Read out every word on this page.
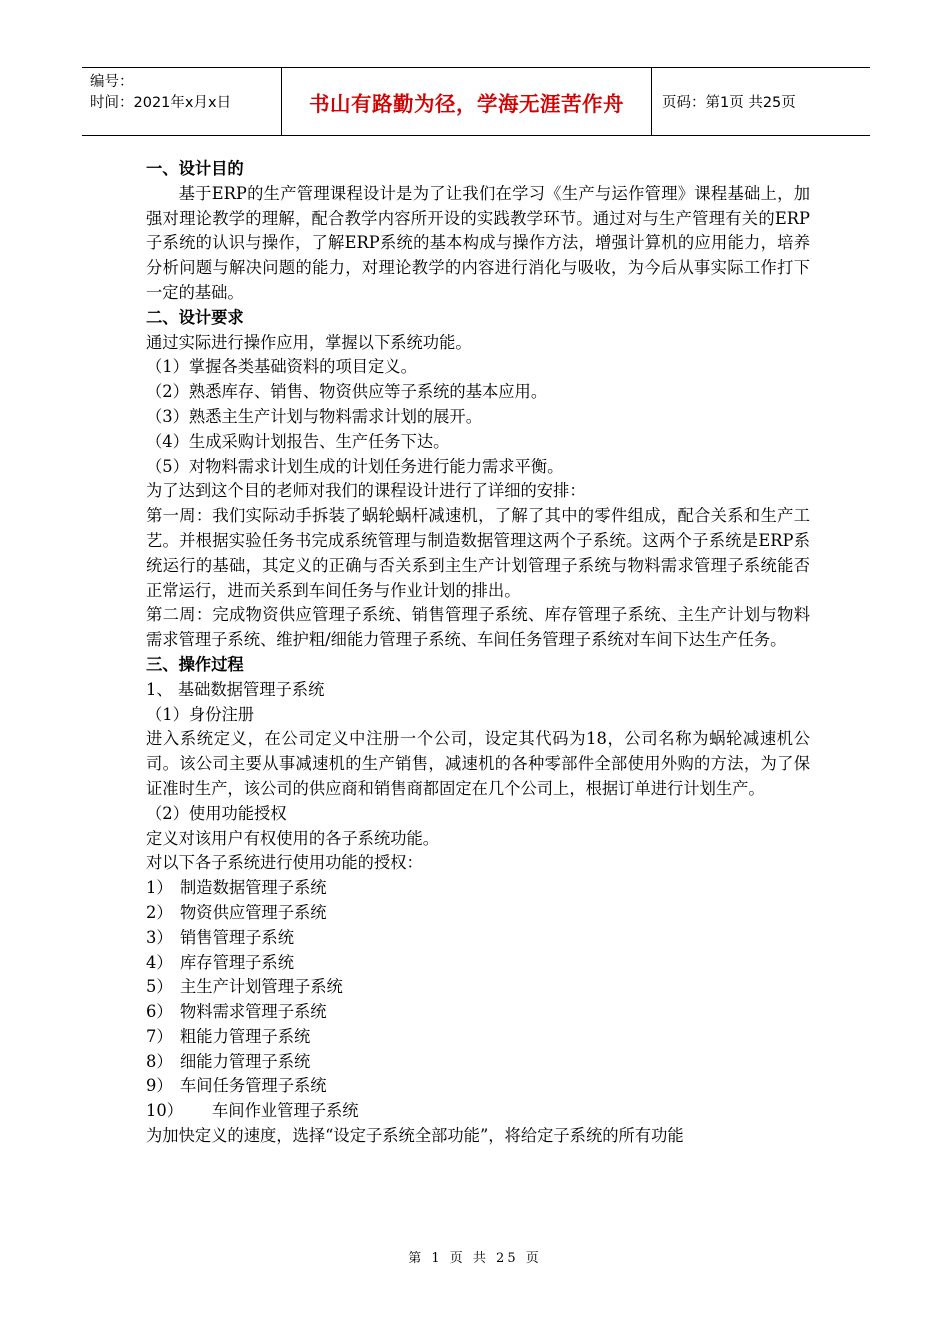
编号：
时间：2021年x月x日	书山有路勤为径，学海无涯苦作舟	页码：第1页 共25页

一、设计目的

基于ERP的生产管理课程设计是为了让我们在学习《生产与运作管理》课程基础上，加强对理论教学的理解，配合教学内容所开设的实践教学环节。通过对与生产管理有关的ERP子系统的认识与操作，了解ERP系统的基本构成与操作方法，增强计算机的应用能力，培养分析问题与解决问题的能力，对理论教学的内容进行消化与吸收，为今后从事实际工作打下一定的基础。

二、设计要求

通过实际进行操作应用，掌握以下系统功能。

（1）掌握各类基础资料的项目定义。

（2）熟悉库存、销售、物资供应等子系统的基本应用。

（3）熟悉主生产计划与物料需求计划的展开。

（4）生成采购计划报告、生产任务下达。

（5）对物料需求计划生成的计划任务进行能力需求平衡。

为了达到这个目的老师对我们的课程设计进行了详细的安排：

第一周：我们实际动手拆装了蜗轮蜗杆减速机，了解了其中的零件组成，配合关系和生产工艺。并根据实验任务书完成系统管理与制造数据管理这两个子系统。这两个子系统是ERP系统运行的基础，其定义的正确与否关系到主生产计划管理子系统与物料需求管理子系统能否正常运行，进而关系到车间任务与作业计划的排出。

第二周：完成物资供应管理子系统、销售管理子系统、库存管理子系统、主生产计划与物料需求管理子系统、维护粗/细能力管理子系统、车间任务管理子系统对车间下达生产任务。

三、操作过程

1、 基础数据管理子系统

（1）身份注册

进入系统定义，在公司定义中注册一个公司，设定其代码为18，公司名称为蜗轮减速机公司。该公司主要从事减速机的生产销售，减速机的各种零部件全部使用外购的方法，为了保证准时生产，该公司的供应商和销售商都固定在几个公司上，根据订单进行计划生产。

（2）使用功能授权

定义对该用户有权使用的各子系统功能。

对以下各子系统进行使用功能的授权：

1） 制造数据管理子系统

2） 物资供应管理子系统

3） 销售管理子系统

4） 库存管理子系统

5） 主生产计划管理子系统

6） 物料需求管理子系统

7） 粗能力管理子系统

8） 细能力管理子系统

9） 车间任务管理子系统

10） 车间作业管理子系统

为加快定义的速度，选择“设定子系统全部功能”，将给定子系统的所有功能

第 1 页 共 25 页
